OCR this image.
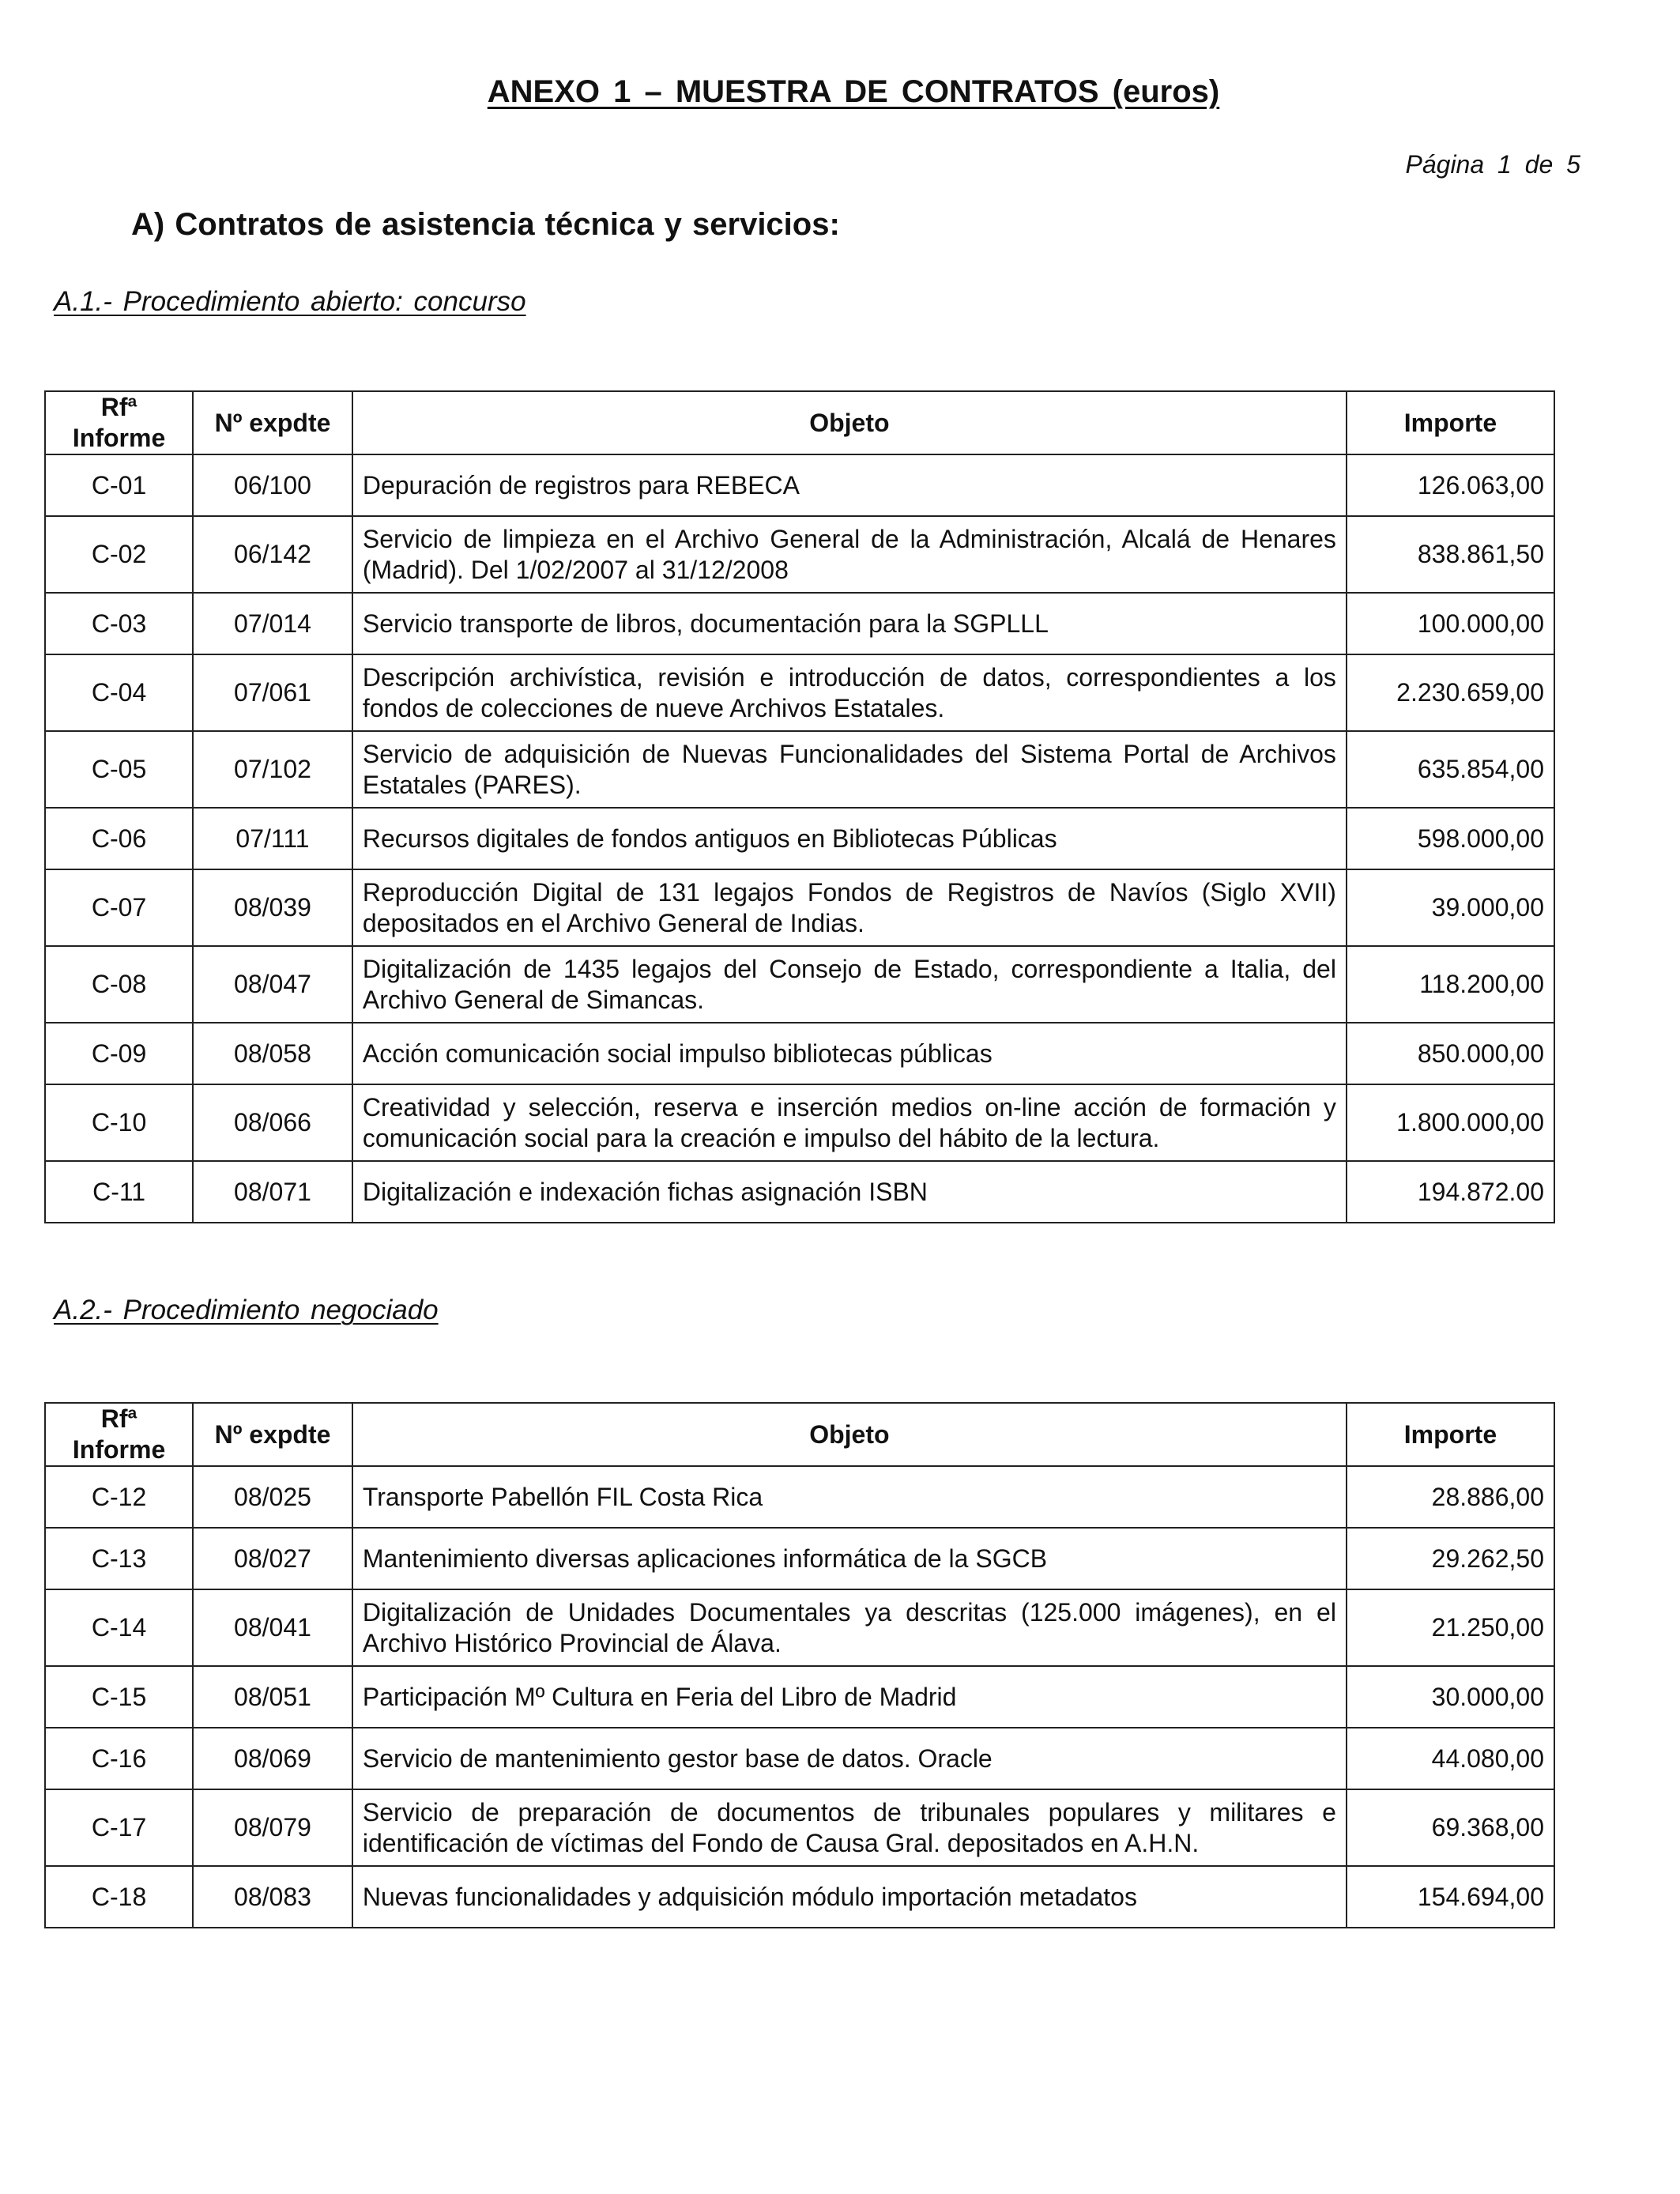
ANEXO 1 – MUESTRA DE CONTRATOS (euros)
Página 1 de 5
A) Contratos de asistencia técnica y servicios:
A.1.- Procedimiento abierto: concurso
Rfª Informe	Nº expdte	Objeto	Importe
C-01	06/100	Depuración de registros para REBECA	126.063,00
C-02	06/142	Servicio de limpieza en el Archivo General de la Administración, Alcalá de Henares (Madrid). Del 1/02/2007 al 31/12/2008	838.861,50
C-03	07/014	Servicio transporte de libros, documentación para la SGPLLL	100.000,00
C-04	07/061	Descripción archivística, revisión e introducción de datos, correspondientes a los fondos de colecciones de nueve Archivos Estatales.	2.230.659,00
C-05	07/102	Servicio de adquisición de Nuevas Funcionalidades del Sistema Portal de Archivos Estatales (PARES).	635.854,00
C-06	07/111	Recursos digitales de fondos antiguos en Bibliotecas Públicas	598.000,00
C-07	08/039	Reproducción Digital de 131 legajos Fondos de Registros de Navíos (Siglo XVII) depositados en el Archivo General de Indias.	39.000,00
C-08	08/047	Digitalización de 1435 legajos del Consejo de Estado, correspondiente a Italia, del Archivo General de Simancas.	118.200,00
C-09	08/058	Acción comunicación social impulso bibliotecas públicas	850.000,00
C-10	08/066	Creatividad y selección, reserva e inserción medios on-line acción de formación y comunicación social para la creación e impulso del hábito de la lectura.	1.800.000,00
C-11	08/071	Digitalización e indexación fichas asignación ISBN	194.872.00
A.2.- Procedimiento negociado
Rfª Informe	Nº expdte	Objeto	Importe
C-12	08/025	Transporte Pabellón FIL Costa Rica	28.886,00
C-13	08/027	Mantenimiento diversas aplicaciones informática de la SGCB	29.262,50
C-14	08/041	Digitalización de Unidades Documentales ya descritas (125.000 imágenes), en el Archivo Histórico Provincial de Álava.	21.250,00
C-15	08/051	Participación Mº Cultura en Feria del Libro de Madrid	30.000,00
C-16	08/069	Servicio de mantenimiento gestor base de datos. Oracle	44.080,00
C-17	08/079	Servicio de preparación de documentos de tribunales populares y militares e identificación de víctimas del Fondo de Causa Gral. depositados en A.H.N.	69.368,00
C-18	08/083	Nuevas funcionalidades y adquisición módulo importación metadatos	154.694,00
